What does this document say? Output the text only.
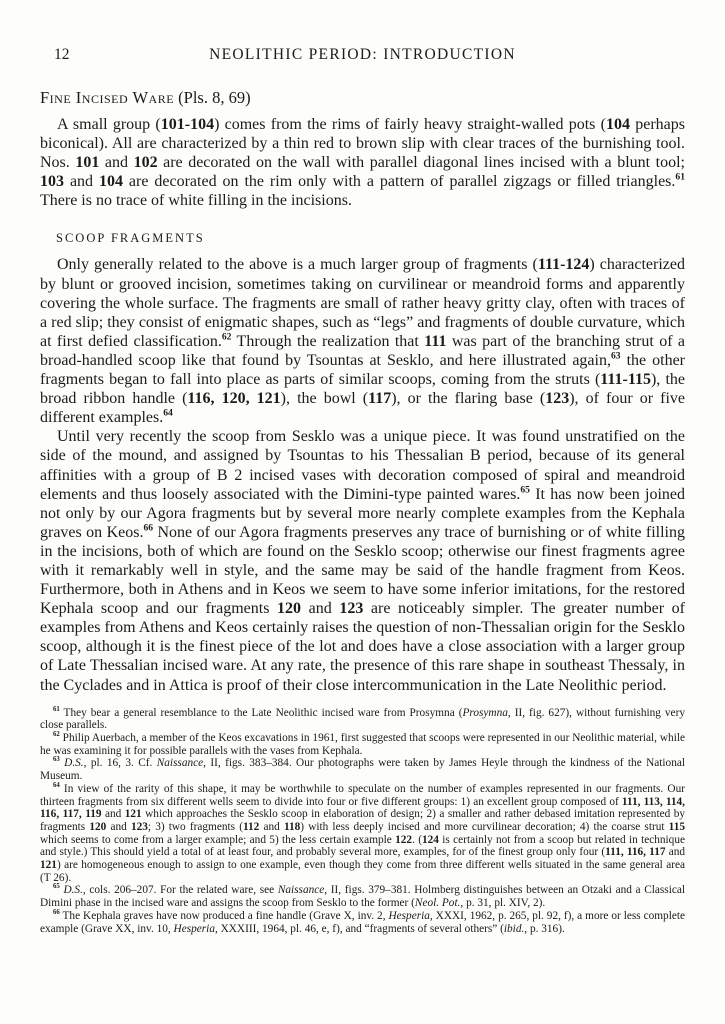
12	NEOLITHIC PERIOD: INTRODUCTION
Fine Incised Ware (Pls. 8, 69)

A small group (101-104) comes from the rims of fairly heavy straight-walled pots (104 perhaps biconical). All are characterized by a thin red to brown slip with clear traces of the burnishing tool. Nos. 101 and 102 are decorated on the wall with parallel diagonal lines incised with a blunt tool; 103 and 104 are decorated on the rim only with a pattern of parallel zigzags or filled triangles.$^{61}$ There is no trace of white filling in the incisions.

SCOOP FRAGMENTS

Only generally related to the above is a much larger group of fragments (111-124) characterized by blunt or grooved incision, sometimes taking on curvilinear or meandroid forms and apparently covering the whole surface. The fragments are small of rather heavy gritty clay, often with traces of a red slip; they consist of enigmatic shapes, such as “legs” and fragments of double curvature, which at first defied classification.$^{62}$ Through the realization that 111 was part of the branching strut of a broad-handled scoop like that found by Tsountas at Sesklo, and here illustrated again,$^{63}$ the other fragments began to fall into place as parts of similar scoops, coming from the struts (111-115), the broad ribbon handle (116, 120, 121), the bowl (117), or the flaring base (123), of four or five different examples.$^{64}$

Until very recently the scoop from Sesklo was a unique piece. It was found unstratified on the side of the mound, and assigned by Tsountas to his Thessalian B period, because of its general affinities with a group of B 2 incised vases with decoration composed of spiral and meandroid elements and thus loosely associated with the Dimini-type painted wares.$^{65}$ It has now been joined not only by our Agora fragments but by several more nearly complete examples from the Kephala graves on Keos.$^{66}$ None of our Agora fragments preserves any trace of burnishing or of white filling in the incisions, both of which are found on the Sesklo scoop; otherwise our finest fragments agree with it remarkably well in style, and the same may be said of the handle fragment from Keos. Furthermore, both in Athens and in Keos we seem to have some inferior imitations, for the restored Kephala scoop and our fragments 120 and 123 are noticeably simpler. The greater number of examples from Athens and Keos certainly raises the question of non-Thessalian origin for the Sesklo scoop, although it is the finest piece of the lot and does have a close association with a larger group of Late Thessalian incised ware. At any rate, the presence of this rare shape in southeast Thessaly, in the Cyclades and in Attica is proof of their close intercommunication in the Late Neolithic period.

$^{61}$ They bear a general resemblance to the Late Neolithic incised ware from Prosymna (Prosymna, II, fig. 627), without furnishing very close parallels.

$^{62}$ Philip Auerbach, a member of the Keos excavations in 1961, first suggested that scoops were represented in our Neolithic material, while he was examining it for possible parallels with the vases from Kephala.

$^{63}$ D.S., pl. 16, 3. Cf. Naissance, II, figs. 383–384. Our photographs were taken by James Heyle through the kindness of the National Museum.

$^{64}$ In view of the rarity of this shape, it may be worthwhile to speculate on the number of examples represented in our fragments. Our thirteen fragments from six different wells seem to divide into four or five different groups: 1) an excellent group composed of 111, 113, 114, 116, 117, 119 and 121 which approaches the Sesklo scoop in elaboration of design; 2) a smaller and rather debased imitation represented by fragments 120 and 123; 3) two fragments (112 and 118) with less deeply incised and more curvilinear decoration; 4) the coarse strut 115 which seems to come from a larger example; and 5) the less certain example 122. (124 is certainly not from a scoop but related in technique and style.) This should yield a total of at least four, and probably several more, examples, for of the finest group only four (111, 116, 117 and 121) are homogeneous enough to assign to one example, even though they come from three different wells situated in the same general area (T 26).

$^{65}$ D.S., cols. 206–207. For the related ware, see Naissance, II, figs. 379–381. Holmberg distinguishes between an Otzaki and a Classical Dimini phase in the incised ware and assigns the scoop from Sesklo to the former (Neol. Pot., p. 31, pl. XIV, 2).

$^{66}$ The Kephala graves have now produced a fine handle (Grave X, inv. 2, Hesperia, XXXI, 1962, p. 265, pl. 92, f), a more or less complete example (Grave XX, inv. 10, Hesperia, XXXIII, 1964, pl. 46, e, f), and “fragments of several others” (ibid., p. 316).
